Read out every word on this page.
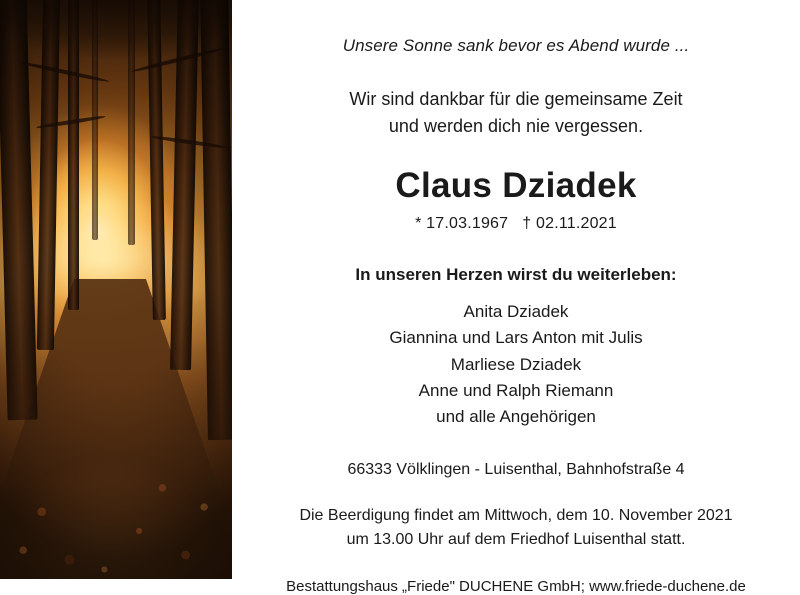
Unsere Sonne sank bevor es Abend wurde ...

Wir sind dankbar für die gemeinsame Zeit
und werden dich nie vergessen.

Claus Dziadek

* 17.03.1967 † 02.11.2021

In unseren Herzen wirst du weiterleben:

Anita Dziadek
Giannina und Lars Anton mit Julis
Marliese Dziadek
Anne und Ralph Riemann
und alle Angehörigen

66333 Völklingen - Luisenthal, Bahnhofstraße 4

Die Beerdigung findet am Mittwoch, dem 10. November 2021
um 13.00 Uhr auf dem Friedhof Luisenthal statt.

Bestattungshaus „Friede" DUCHENE GmbH; www.friede-duchene.de
